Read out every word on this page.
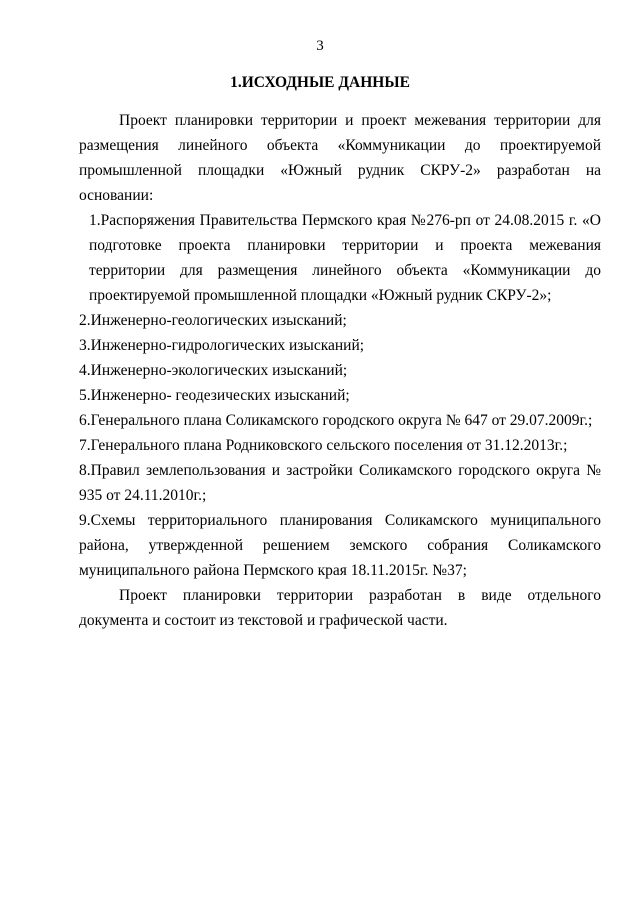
3
1.ИСХОДНЫЕ ДАННЫЕ

Проект планировки территории и проект межевания территории для размещения линейного объекта «Коммуникации до проектируемой промышленной площадки «Южный рудник СКРУ-2» разработан на основании:

1.Распоряжения Правительства Пермского края №276-рп от 24.08.2015 г. «О подготовке проекта планировки территории и проекта межевания территории для размещения линейного объекта «Коммуникации до проектируемой промышленной площадки «Южный рудник СКРУ-2»;

2.Инженерно-геологических изысканий;

3.Инженерно-гидрологических изысканий;

4.Инженерно-экологических изысканий;

5.Инженерно- геодезических изысканий;

6.Генерального плана Соликамского городского округа № 647 от 29.07.2009г.;

7.Генерального плана Родниковского сельского поселения от 31.12.2013г.;

8.Правил землепользования и застройки Соликамского городского округа № 935 от 24.11.2010г.;

9.Схемы территориального планирования Соликамского муниципального района, утвержденной решением земского собрания Соликамского муниципального района Пермского края 18.11.2015г. №37;

Проект планировки территории разработан в виде отдельного документа и состоит из текстовой и графической части.
